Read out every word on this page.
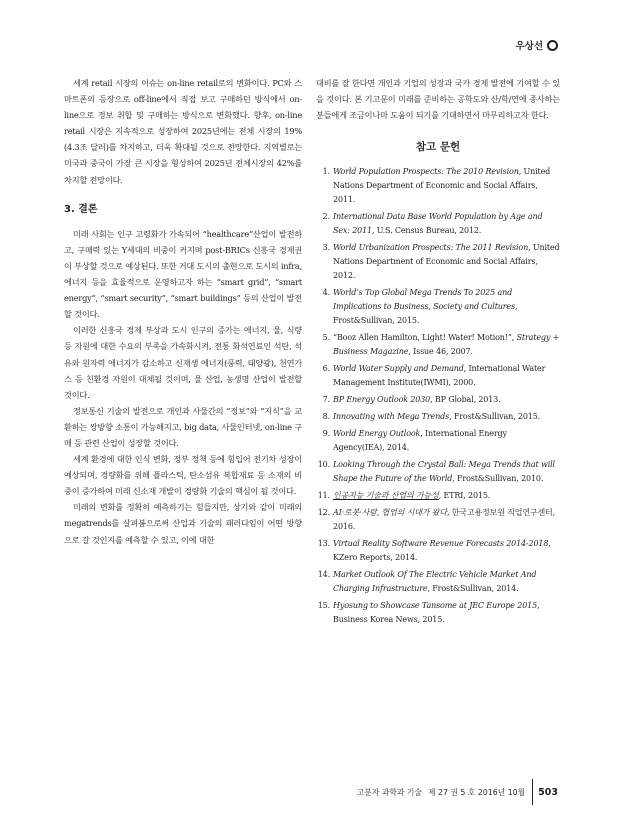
우상선

세계 retail 시장의 이슈는 on-line retail로의 변화이다. PC와 스마트폰의 등장으로 off-line에서 직접 보고 구매하던 방식에서 on-line으로 정보 취합 및 구매하는 방식으로 변화했다. 향후, on-line retail 시장은 지속적으로 성장하여 2025년에는 전체 시장의 19%(4.3조 달러)를 차지하고, 더욱 확대될 것으로 전망한다. 지역별로는 미국과 중국이 가장 큰 시장을 형성하여 2025년 전체시장의 42%를 차지할 전망이다.

3. 결론

미래 사회는 인구 고령화가 가속되어 “healthcare”산업이 발전하고, 구매력 있는 Y세대의 비중이 커지며 post-BRICs 신흥국 경제권이 부상할 것으로 예상된다. 또한 거대 도시의 출현으로 도시의 infra, 에너지 등을 효율적으로 운영하고자 하는 “smart grid”, “smart energy”, “smart security”, “smart buildings” 등의 산업이 발전할 것이다.

이러한 신흥국 경제 부상과 도시 인구의 증가는 에너지, 물, 식량 등 자원에 대한 수요의 부족을 가속화시켜, 전통 화석연료인 석탄, 석유와 원자력 에너지가 감소하고 신재생 에너지(풍력, 태양광), 천연가스 등 친환경 자원이 대체될 것이며, 물 산업, 농생명 산업이 발전할 것이다.

정보통신 기술의 발전으로 개인과 사물간의 “정보”와 “지식”을 교환하는 쌍방향 소통이 가능해지고, big data, 사물인터넷, on-line 구매 등 관련 산업이 성장할 것이다.

세계 환경에 대한 인식 변화, 정부 정책 등에 힘입어 전기차 성장이 예상되며, 경량화를 위해 플라스틱, 탄소섬유 복합재료 등 소재의 비중이 증가하여 미래 신소재 개발이 경량화 기술의 핵심이 될 것이다.

미래의 변화를 정확히 예측하기는 힘들지만, 상기와 같이 미래의 megatrends를 살펴봄으로써 산업과 기술의 패러다임이 어떤 방향으로 갈 것인지를 예측할 수 있고, 이에 대한

대비를 잘 한다면 개인과 기업의 성장과 국가 경제 발전에 기여할 수 있을 것이다. 본 기고문이 미래를 준비하는 공학도와 산/학/연에 종사하는 분들에게 조금이나마 도움이 되기를 기대하면서 마무리하고자 한다.

참고 문헌
1. World Population Prospects: The 2010 Revision, United Nations Department of Economic and Social Affairs, 2011.
2. International Data Base World Population by Age and Sex: 2011, U.S. Census Bureau, 2012.
3. World Urbanization Prospects: The 2011 Revision, United Nations Department of Economic and Social Affairs, 2012.
4. World’s Top Global Mega Trends To 2025 and Implications to Business, Society and Cultures, Frost&Sullivan, 2015.
5. “Booz Allen Hamilton, Light! Water! Motion!”, Strategy + Business Magazine, Issue 46, 2007.
6. World Water Supply and Demand, International Water Management Institute(IWMI), 2000.
7. BP Energy Outlook 2030, BP Global, 2013.
8. Innovating with Mega Trends, Frost&Sullivan, 2015.
9. World Energy Outlook, International Energy Agency(IEA), 2014.
10. Looking Through the Crystal Ball: Mega Trends that will Shape the Future of the World, Frost&Sullivan, 2010.
11. 인공지능 기술과 산업의 가능성, ETRI, 2015.
12. AI·로봇·사람, 협업의 시대가 왔다, 한국고용정보원 직업연구센터, 2016.
13. Virtual Reality Software Revenue Forecasts 2014-2018, KZero Reports, 2014.
14. Market Outlook Of The Electric Vehicle Market And Charging Infrastructure, Frost&Sullivan, 2014.
15. Hyosung to Showcase Tansome at JEC Europe 2015, Business Korea News, 2015.
고분자 과학과 기술 제 27 권 5 호 2016년 10월 503
